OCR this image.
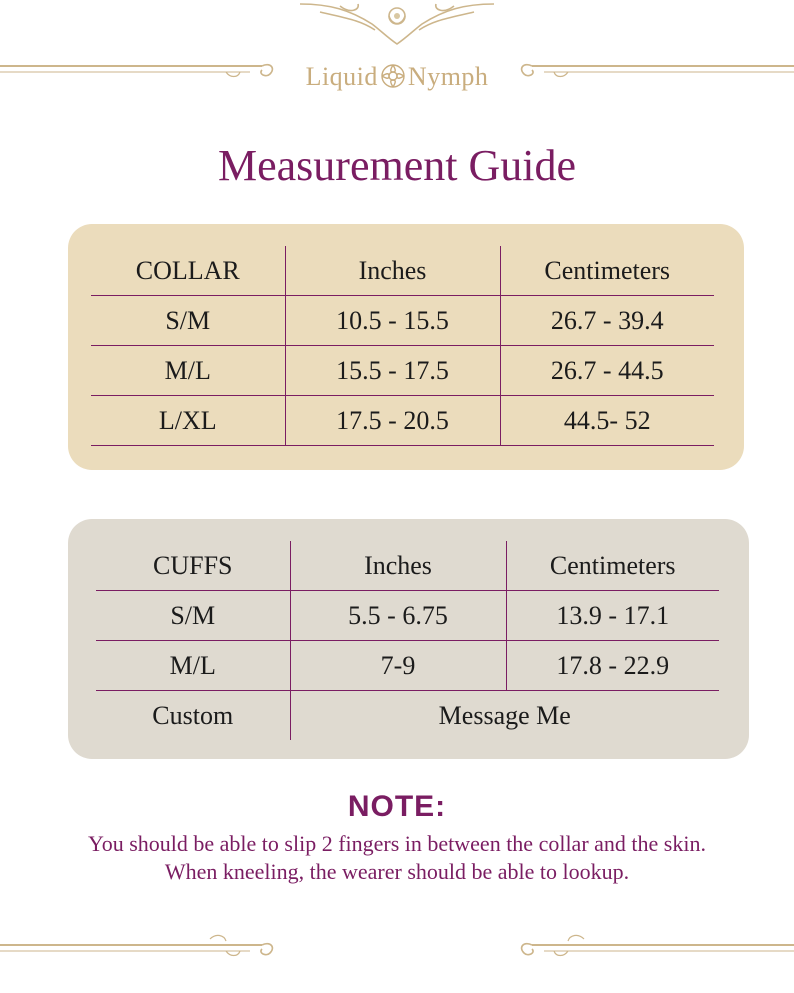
Liquid Nymph
Measurement Guide
COLLAR	Inches	Centimeters
S/M	10.5 - 15.5	26.7 - 39.4
M/L	15.5 - 17.5	26.7 - 44.5
L/XL	17.5 - 20.5	44.5- 52
CUFFS	Inches	Centimeters
S/M	5.5 - 6.75	13.9 - 17.1
M/L	7-9	17.8 - 22.9
Custom	Message Me	
NOTE:
You should be able to slip 2 fingers in between the collar and the skin. When kneeling, the wearer should be able to lookup.
